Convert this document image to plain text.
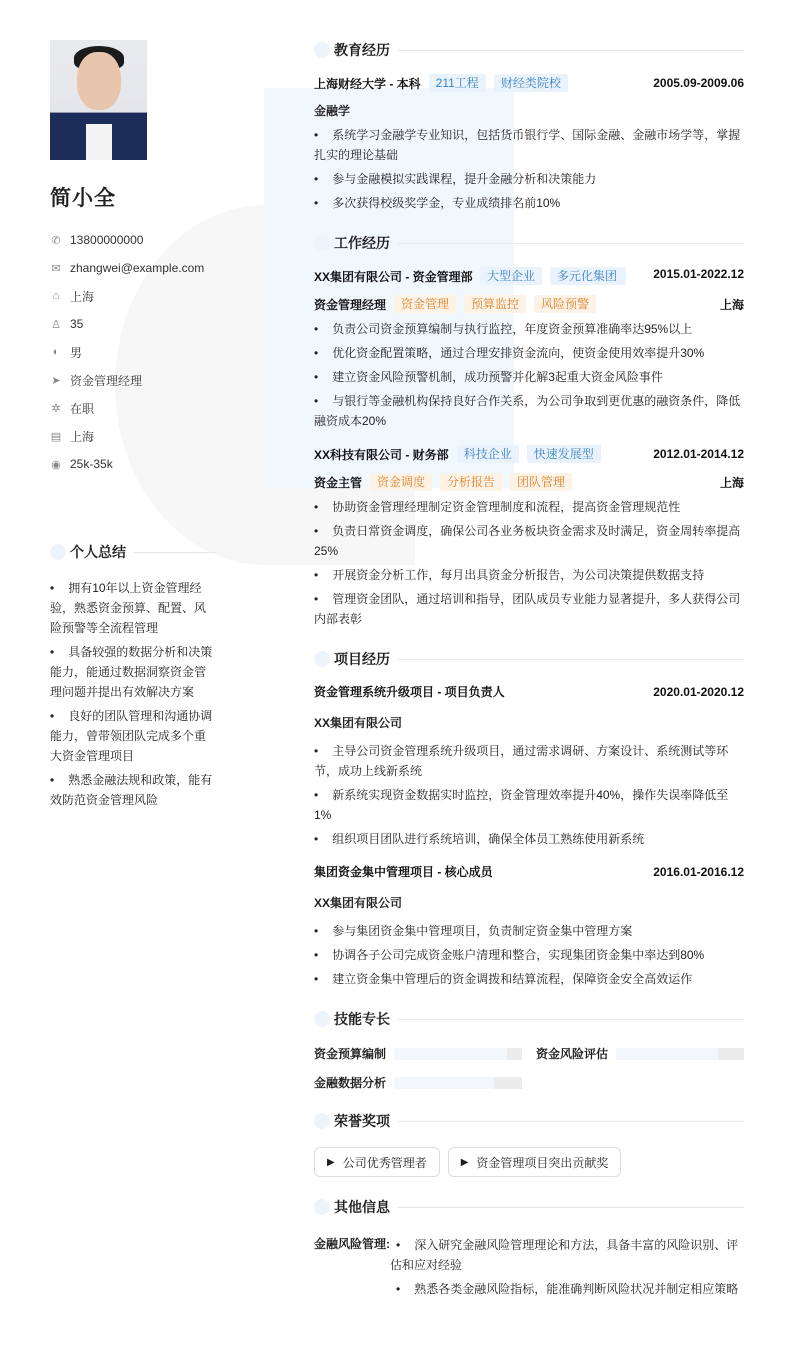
简小全
✆ 13800000000
✉ zhangwei@example.com
⌂ 上海
♙ 35
◐ 男
➤ 资金管理经理
✲ 在职
▤ 上海
◉ 25k-35k
个人总结
• 拥有10年以上资金管理经验，熟悉资金预算、配置、风险预警等全流程管理
• 具备较强的数据分析和决策能力，能通过数据洞察资金管理问题并提出有效解决方案
• 良好的团队管理和沟通协调能力，曾带领团队完成多个重大资金管理项目
• 熟悉金融法规和政策，能有效防范资金管理风险
教育经历
上海财经大学 - 本科	211工程	财经类院校	2005.09-2009.06
金融学
• 系统学习金融学专业知识，包括货币银行学、国际金融、金融市场学等，掌握扎实的理论基础
• 参与金融模拟实践课程，提升金融分析和决策能力
• 多次获得校级奖学金，专业成绩排名前10%
工作经历
XX集团有限公司 - 资金管理部	大型企业	多元化集团	2015.01-2022.12
资金管理经理	资金管理	预算监控	风险预警	上海
• 负责公司资金预算编制与执行监控，年度资金预算准确率达95%以上
• 优化资金配置策略，通过合理安排资金流向，使资金使用效率提升30%
• 建立资金风险预警机制，成功预警并化解3起重大资金风险事件
• 与银行等金融机构保持良好合作关系，为公司争取到更优惠的融资条件，降低融资成本20%
XX科技有限公司 - 财务部	科技企业	快速发展型	2012.01-2014.12
资金主管	资金调度	分析报告	团队管理	上海
• 协助资金管理经理制定资金管理制度和流程，提高资金管理规范性
• 负责日常资金调度，确保公司各业务板块资金需求及时满足，资金周转率提高25%
• 开展资金分析工作，每月出具资金分析报告，为公司决策提供数据支持
• 管理资金团队，通过培训和指导，团队成员专业能力显著提升，多人获得公司内部表彰
项目经历
资金管理系统升级项目 - 项目负责人	2020.01-2020.12
XX集团有限公司
• 主导公司资金管理系统升级项目，通过需求调研、方案设计、系统测试等环节，成功上线新系统
• 新系统实现资金数据实时监控，资金管理效率提升40%，操作失误率降低至1%
• 组织项目团队进行系统培训，确保全体员工熟练使用新系统
集团资金集中管理项目 - 核心成员	2016.01-2016.12
XX集团有限公司
• 参与集团资金集中管理项目，负责制定资金集中管理方案
• 协调各子公司完成资金账户清理和整合，实现集团资金集中率达到80%
• 建立资金集中管理后的资金调拨和结算流程，保障资金安全高效运作
技能专长
资金预算编制	资金风险评估
金融数据分析
荣誉奖项
▶ 公司优秀管理者	▶ 资金管理项目突出贡献奖
其他信息
金融风险管理:	• 深入研究金融风险管理理论和方法，具备丰富的风险识别、评估和应对经验
• 熟悉各类金融风险指标，能准确判断风险状况并制定相应策略
